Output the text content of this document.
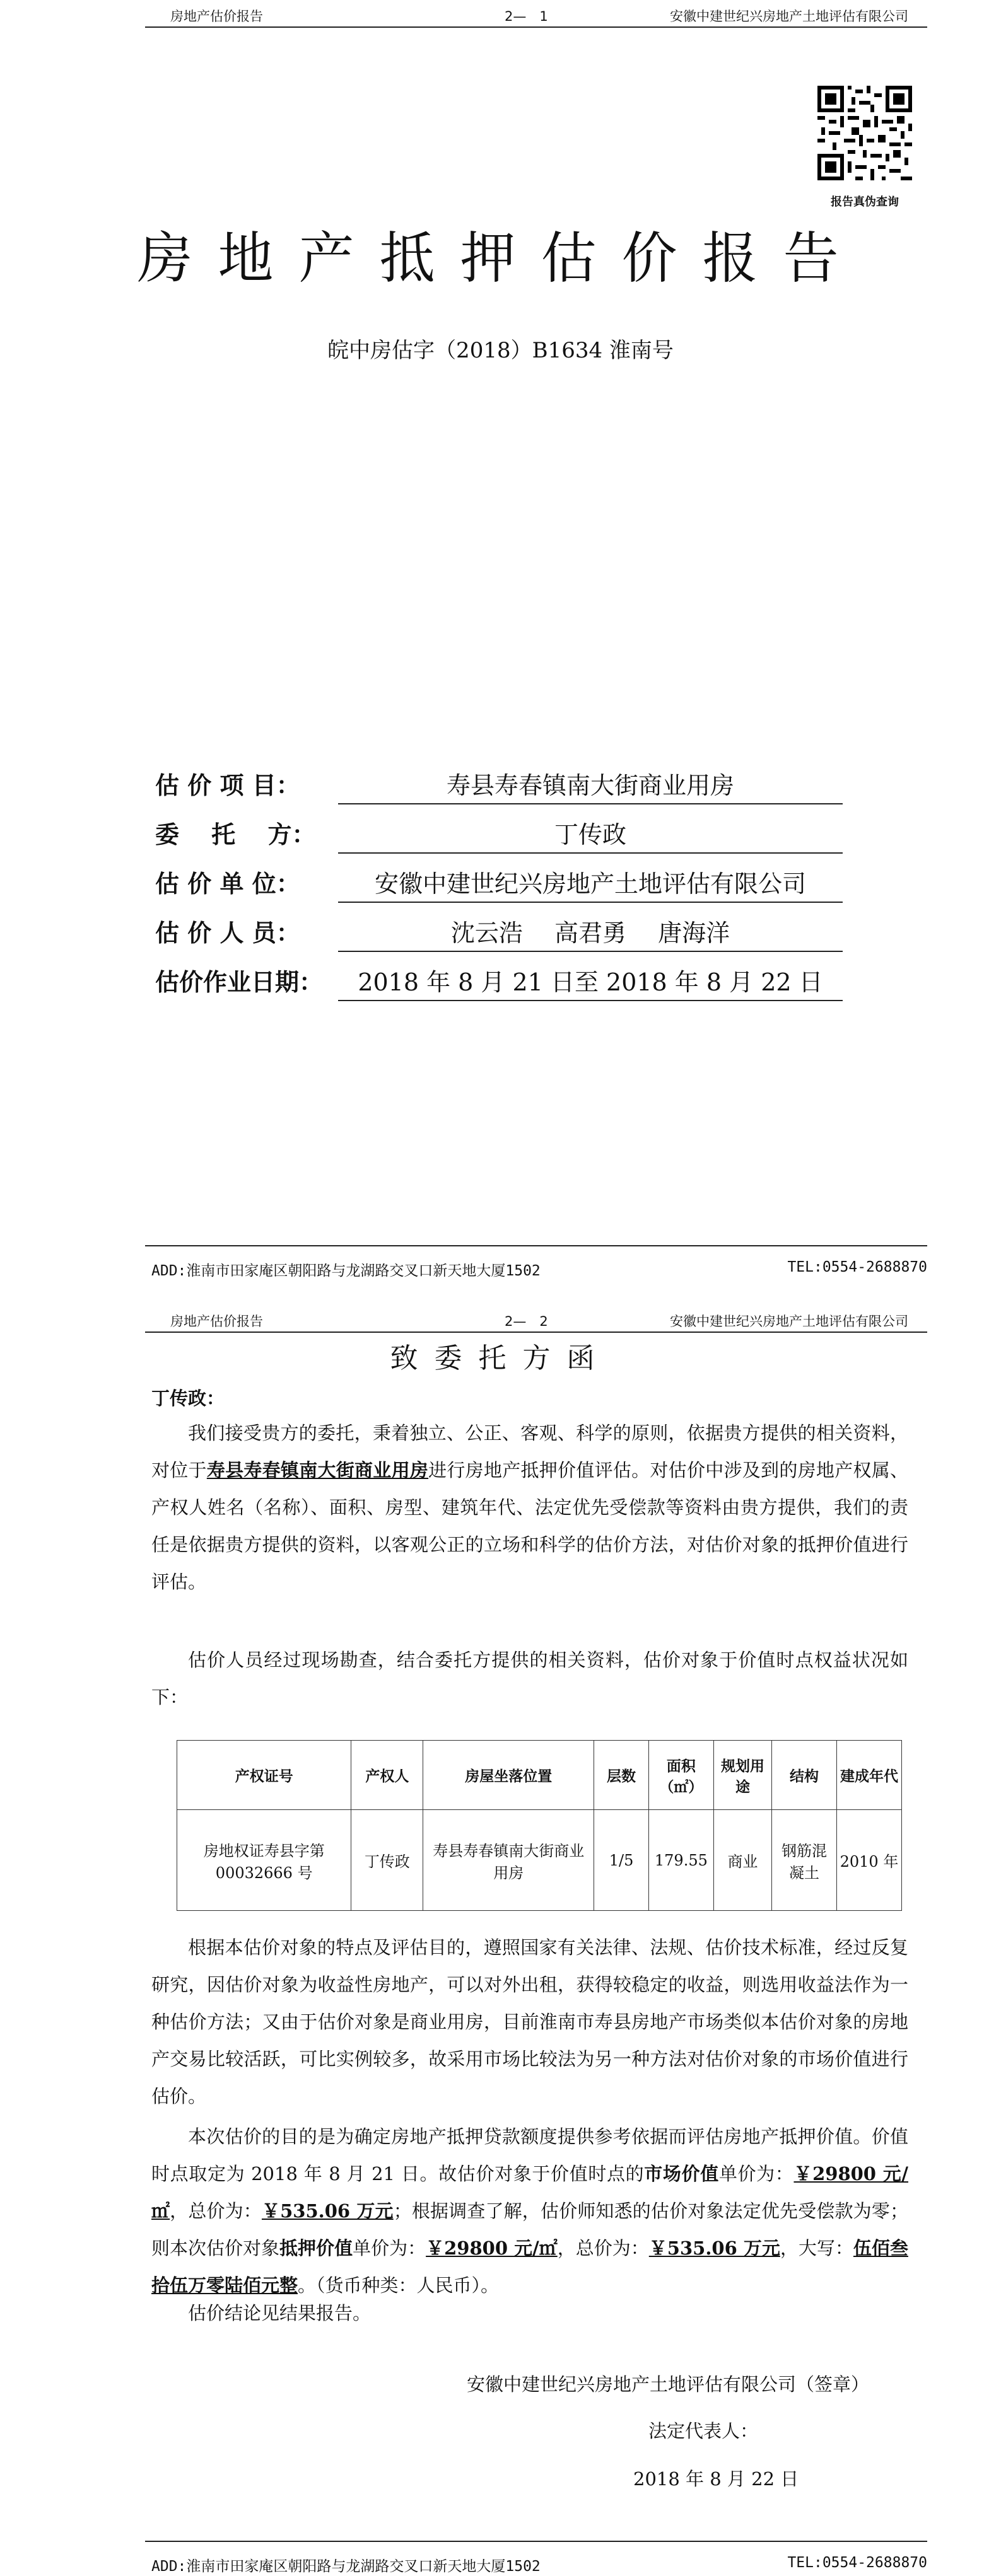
房地产估价报告	2—　1	安徽中建世纪兴房地产土地评估有限公司
报告真伪查询
房地产抵押估价报告
皖中房估字（2018）B1634 淮南号
估 价 项 目：	寿县寿春镇南大街商业用房
委　 托　 方：	丁传政
估 价 单 位：	安徽中建世纪兴房地产土地评估有限公司
估 价 人 员：	沈云浩　 高君勇　 唐海洋
估价作业日期：	2018 年 8 月 21 日至 2018 年 8 月 22 日
ADD:淮南市田家庵区朝阳路与龙湖路交叉口新天地大厦1502	TEL:0554-2688870
房地产估价报告	2—　2	安徽中建世纪兴房地产土地评估有限公司
致委托方函
丁传政：
我们接受贵方的委托，秉着独立、公正、客观、科学的原则，依据贵方提供的相关资料，对位于寿县寿春镇南大街商业用房进行房地产抵押价值评估。对估价中涉及到的房地产权属、产权人姓名（名称）、面积、房型、建筑年代、法定优先受偿款等资料由贵方提供，我们的责任是依据贵方提供的资料，以客观公正的立场和科学的估价方法，对估价对象的抵押价值进行评估。
估价人员经过现场勘查，结合委托方提供的相关资料，估价对象于价值时点权益状况如下：
产权证号	产权人	房屋坐落位置	层数	面积（㎡）	规划用途	结构	建成年代
房地权证寿县字第00032666 号	丁传政	寿县寿春镇南大街商业用房	1/5	179.55	商业	钢筋混凝土	2010 年
根据本估价对象的特点及评估目的，遵照国家有关法律、法规、估价技术标准，经过反复研究，因估价对象为收益性房地产，可以对外出租，获得较稳定的收益，则选用收益法作为一种估价方法；又由于估价对象是商业用房，目前淮南市寿县房地产市场类似本估价对象的房地产交易比较活跃，可比实例较多，故采用市场比较法为另一种方法对估价对象的市场价值进行估价。
本次估价的目的是为确定房地产抵押贷款额度提供参考依据而评估房地产抵押价值。价值时点取定为 2018 年 8 月 21 日。故估价对象于价值时点的市场价值单价为：￥29800 元/㎡，总价为：￥535.06 万元；根据调查了解，估价师知悉的估价对象法定优先受偿款为零；则本次估价对象抵押价值单价为：￥29800 元/㎡，总价为：￥535.06 万元，大写：伍佰叁拾伍万零陆佰元整。（货币种类：人民币）。
估价结论见结果报告。
安徽中建世纪兴房地产土地评估有限公司（签章）
法定代表人：
2018 年 8 月 22 日
ADD:淮南市田家庵区朝阳路与龙湖路交叉口新天地大厦1502	TEL:0554-2688870
